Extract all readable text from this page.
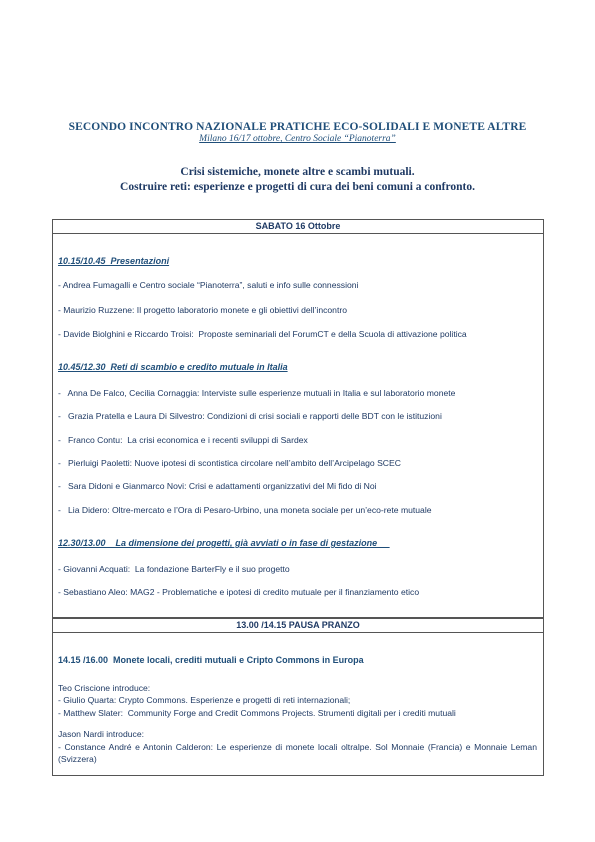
SECONDO INCONTRO NAZIONALE PRATICHE ECO-SOLIDALI E MONETE ALTRE
Milano 16/17 ottobre, Centro Sociale “Pianoterra”
Crisi sistemiche, monete altre e scambi mutuali.
Costruire reti: esperienze e progetti di cura dei beni comuni a confronto.
SABATO 16 Ottobre
10.15/10.45  Presentazioni
- Andrea Fumagalli e Centro sociale “Pianoterra”, saluti e info sulle connessioni
- Maurizio Ruzzene: Il progetto laboratorio monete e gli obiettivi dell’incontro
- Davide Biolghini e Riccardo Troisi:  Proposte seminariali del ForumCT e della Scuola di attivazione politica
10.45/12.30  Reti di scambio e credito mutuale in Italia
-   Anna De Falco, Cecilia Cornaggia: Interviste sulle esperienze mutuali in Italia e sul laboratorio monete
-   Grazia Pratella e Laura Di Silvestro: Condizioni di crisi sociali e rapporti delle BDT con le istituzioni
-   Franco Contu:  La crisi economica e i recenti sviluppi di Sardex
-   Pierluigi Paoletti: Nuove ipotesi di scontistica circolare nell’ambito dell’Arcipelago SCEC
-   Sara Didoni e Gianmarco Novi: Crisi e adattamenti organizzativi del Mi fido di Noi
-   Lia Didero: Oltre-mercato e l’Ora di Pesaro-Urbino, una moneta sociale per un’eco-rete mutuale
12.30/13.00    La dimensione dei progetti, già avviati o in fase di gestazione
- Giovanni Acquati:  La fondazione BarterFly e il suo progetto
- Sebastiano Aleo: MAG2 - Problematiche e ipotesi di credito mutuale per il finanziamento etico
13.00 /14.15 PAUSA PRANZO
14.15 /16.00  Monete locali, crediti mutuali e Cripto Commons in Europa
Teo Criscione introduce:
- Giulio Quarta: Crypto Commons. Esperienze e progetti di reti internazionali;
- Matthew Slater:  Community Forge and Credit Commons Projects. Strumenti digitali per i crediti mutuali
Jason Nardi introduce:
- Constance André e Antonin Calderon: Le esperienze di monete locali oltralpe. Sol Monnaie (Francia) e Monnaie Leman (Svizzera)
